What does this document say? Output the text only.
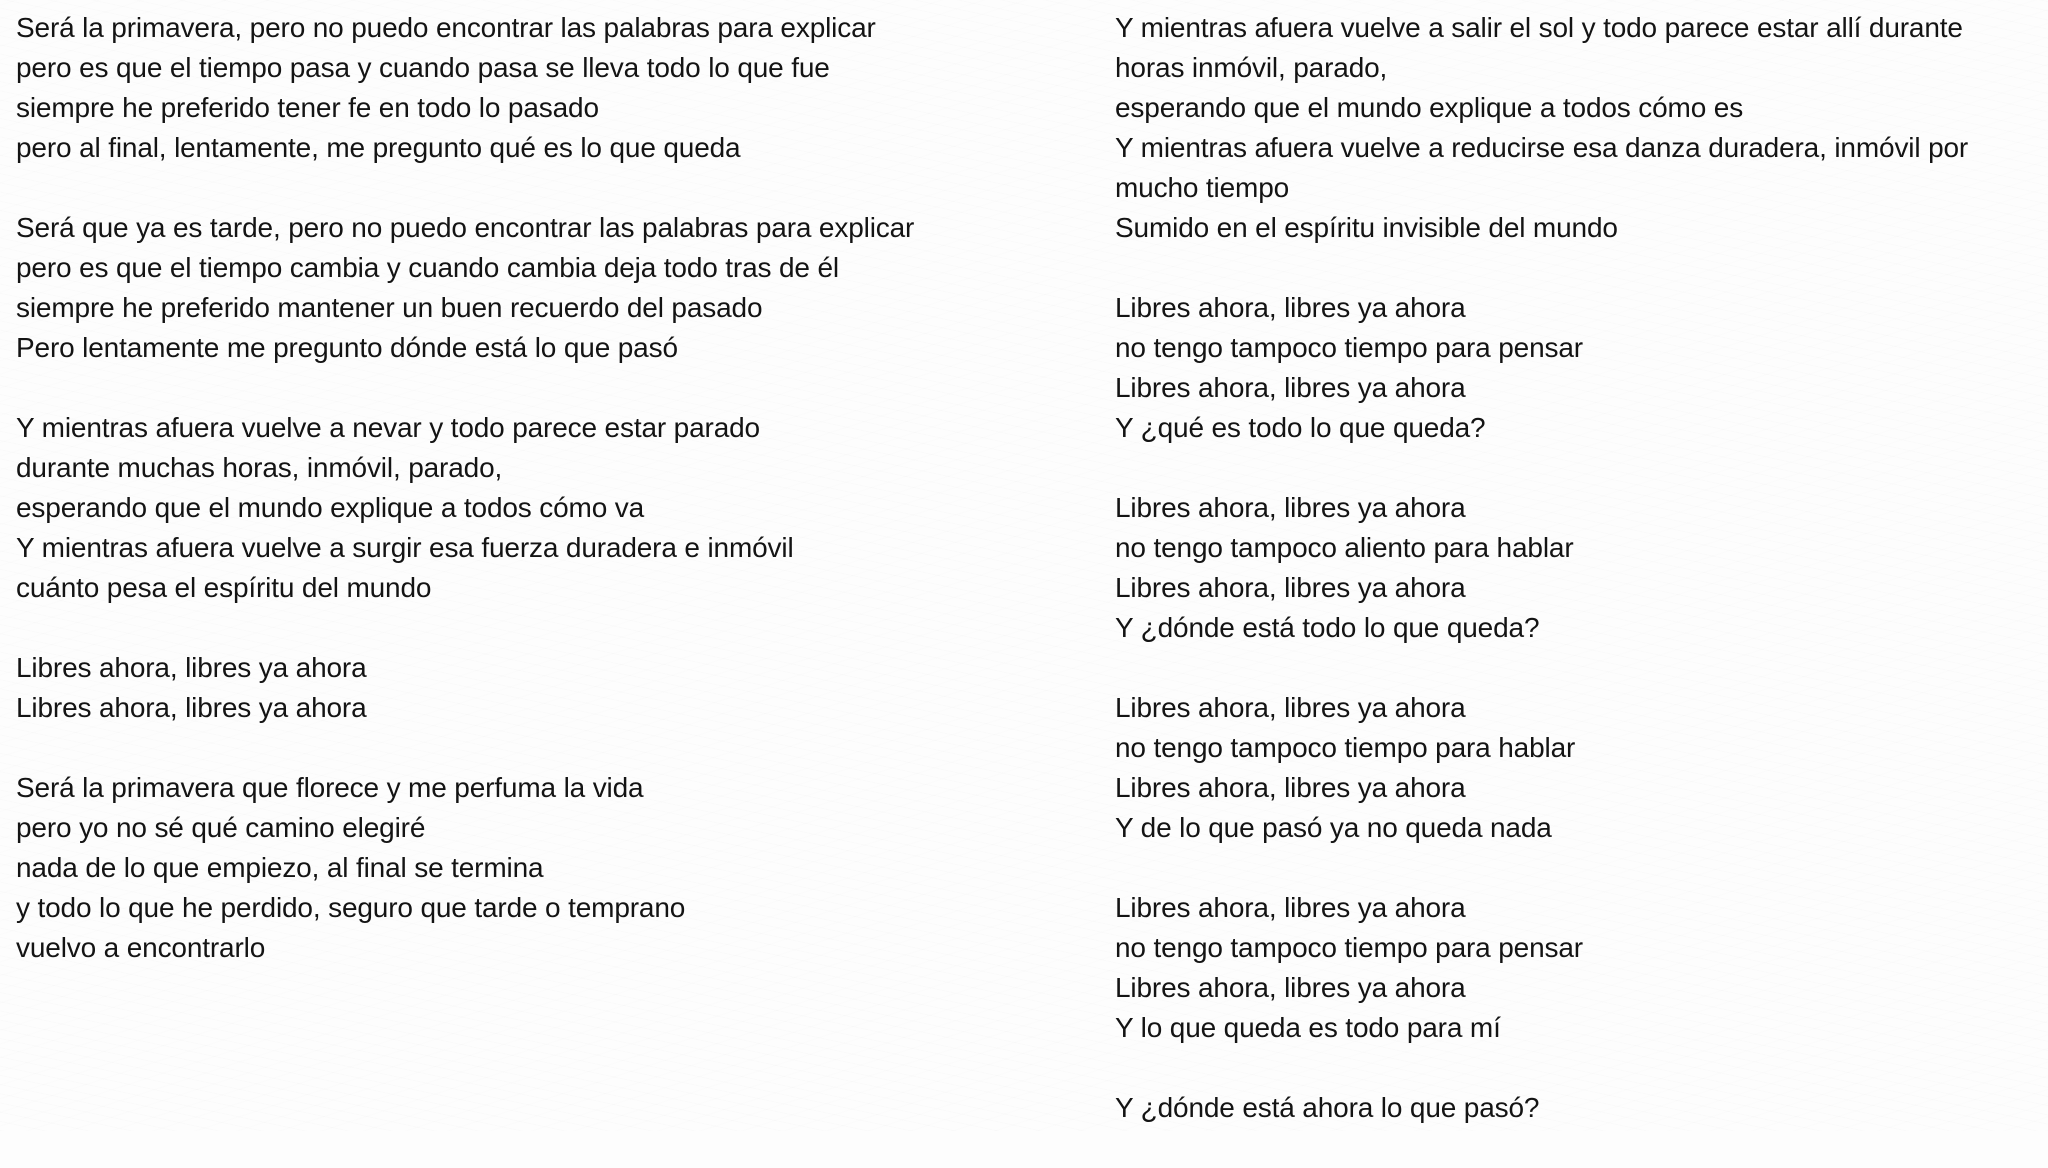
Será la primavera, pero no puedo encontrar las palabras para explicar
pero es que el tiempo pasa y cuando pasa se lleva todo lo que fue
siempre he preferido tener fe en todo lo pasado
pero al final, lentamente, me pregunto qué es lo que queda
Será que ya es tarde, pero no puedo encontrar las palabras para explicar
pero es que el tiempo cambia y cuando cambia deja todo tras de él
siempre he preferido mantener un buen recuerdo del pasado
Pero lentamente me pregunto dónde está lo que pasó
Y mientras afuera vuelve a nevar y todo parece estar parado
durante muchas horas, inmóvil, parado,
esperando que el mundo explique a todos cómo va
Y mientras afuera vuelve a surgir esa fuerza duradera e inmóvil
cuánto pesa el espíritu del mundo
Libres ahora, libres ya ahora
Libres ahora, libres ya ahora
Será la primavera que florece y me perfuma la vida
pero yo no sé qué camino elegiré
nada de lo que empiezo, al final se termina
y todo lo que he perdido, seguro que tarde o temprano
vuelvo a encontrarlo
Y mientras afuera vuelve a salir el sol y todo parece estar allí durante
horas inmóvil, parado,
esperando que el mundo explique a todos cómo es
Y mientras afuera vuelve a reducirse esa danza duradera, inmóvil por
mucho tiempo
Sumido en el espíritu invisible del mundo
Libres ahora, libres ya ahora
no tengo tampoco tiempo para pensar
Libres ahora, libres ya ahora
Y ¿qué es todo lo que queda?
Libres ahora, libres ya ahora
no tengo tampoco aliento para hablar
Libres ahora, libres ya ahora
Y ¿dónde está todo lo que queda?
Libres ahora, libres ya ahora
no tengo tampoco tiempo para hablar
Libres ahora, libres ya ahora
Y de lo que pasó ya no queda nada
Libres ahora, libres ya ahora
no tengo tampoco tiempo para pensar
Libres ahora, libres ya ahora
Y lo que queda es todo para mí
Y ¿dónde está ahora lo que pasó?
